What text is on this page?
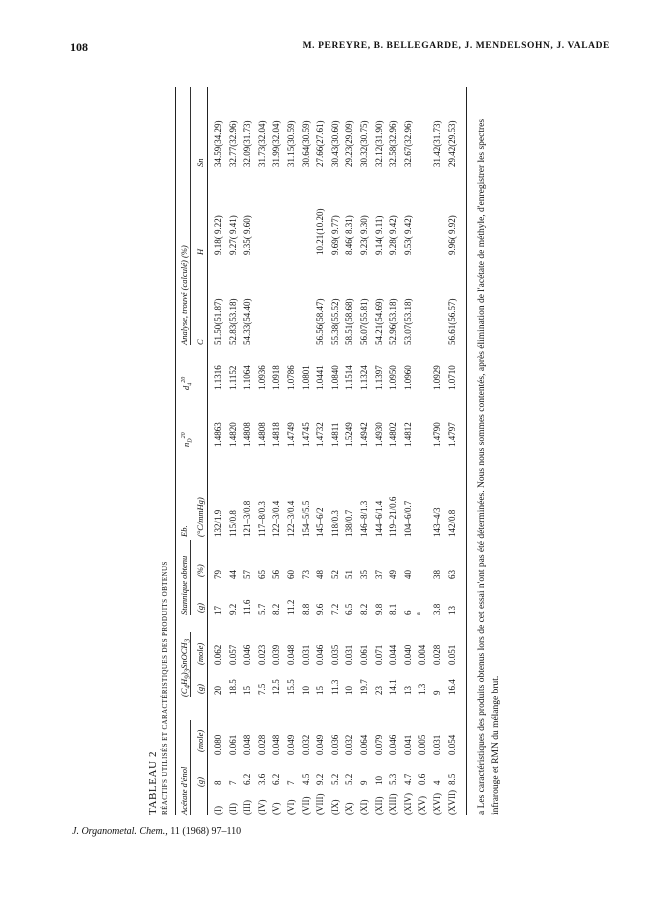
108	M. PEREYRE, B. BELLEGARDE, J. MENDELSOHN, J. VALADE
TABLEAU 2 RÉACTIFS UTILISÉS ET CARACTÉRISTIQUES DES PRODUITS OBTENUS Acétate d'énol (g)
(mole)
$(C_4H_9)_3SnOCH_3$
(g)
(mole)
Stannique obtenu (g)
(%)
Eb. (°C/mmHg)
$n_D^{20}$
$d_4^{20}$
Analyse, trouvé (calculé) (%) C
H
Sn
(I)
8
0.080
20
0.062
17
79
132/1.9
1.4863
1.1316
51.50(51.87)
9.18( 9.22)
34.59(34.29)
(II)
7
0.061
18.5
0.057
9.2
44
115/0.8
1.4820
1.1152
52.83(53.18)
9.27( 9.41)
32.77(32.96)
(III)
6.2
0.048
15
0.046
11.6
57
121–3/0.8
1.4808
1.1064
54.33(54.40)
9.35( 9.60)
32.09(31.73)
(IV)
3.6
0.028
7.5
0.023
5.7
65
117–8/0.3
1.4808
1.0936
31.73(32.04)
(V)
6.2
0.048
12.5
0.039
8.2
56
122–3/0.4
1.4818
1.0918
31.99(32.04)
(VI)
7
0.049
15.5
0.048
11.2
60
122–3/0.4
1.4749
1.0786
31.15(30.59)
(VII)
4.5
0.032
10
0.031
8.8
73
154–5/5.5
1.4745
1.0801
30.64(30.59)
(VIII)
9.2
0.049
15
0.046
9.6
48
145–6/2
1.4732
1.0441
56.56(58.47)
10.21(10.20)
27.66(27.61)
(IX)
5.2
0.036
11.3
0.035
7.2
52
118/0.3
1.4811
1.0840
55.38(55.52)
9.69( 9.77)
30.43(30.60)
(X)
5.2
0.032
10
0.031
6.5
51
138/0.7
1.5249
1.1514
58.51(58.68)
8.46( 8.31)
29.23(29.09)
(XI)
9
0.064
19.7
0.061
8.2
35
146–8/1.3
1.4942
1.1324
56.07(55.81)
9.23( 9.30)
30.32(30.75)
(XII)
10
0.079
23
0.071
9.8
37
144–6/1.4
1.4930
1.1397
54.21(54.69)
9.14( 9.11)
32.12(31.90)
(XIII)
5.3
0.046
14.1
0.044
8.1
49
119–21/0.6
1.4802
1.0950
52.96(53.18)
9.28( 9.42)
32.58(32.96)
(XIV)
4.7
0.041
13
0.040
6
40
104–6/0.7
1.4812
1.0960
53.07(53.18)
9.53( 9.42)
32.67(32.96)
(XV)
0.6
0.005
1.3
0.004
a
(XVI)
4
0.031
9
0.028
3.8
38
143–4/3
1.4790
1.0929
31.42(31.73)
(XVII)
8.5
0.054
16.4
0.051
13
63
142/0.8
1.4797
1.0710
56.61(56.57)
9.96( 9.92)
29.42(29.53) a Les caractéristiques des produits obtenus lors de cet essai n'ont pas été déterminées. Nous nous sommes contentés, après élimination de l'acétate de méthyle, d'enregistrer les spectres infrarouge et RMN du mélange brut.
J. Organometal. Chem., 11 (1968) 97–110
